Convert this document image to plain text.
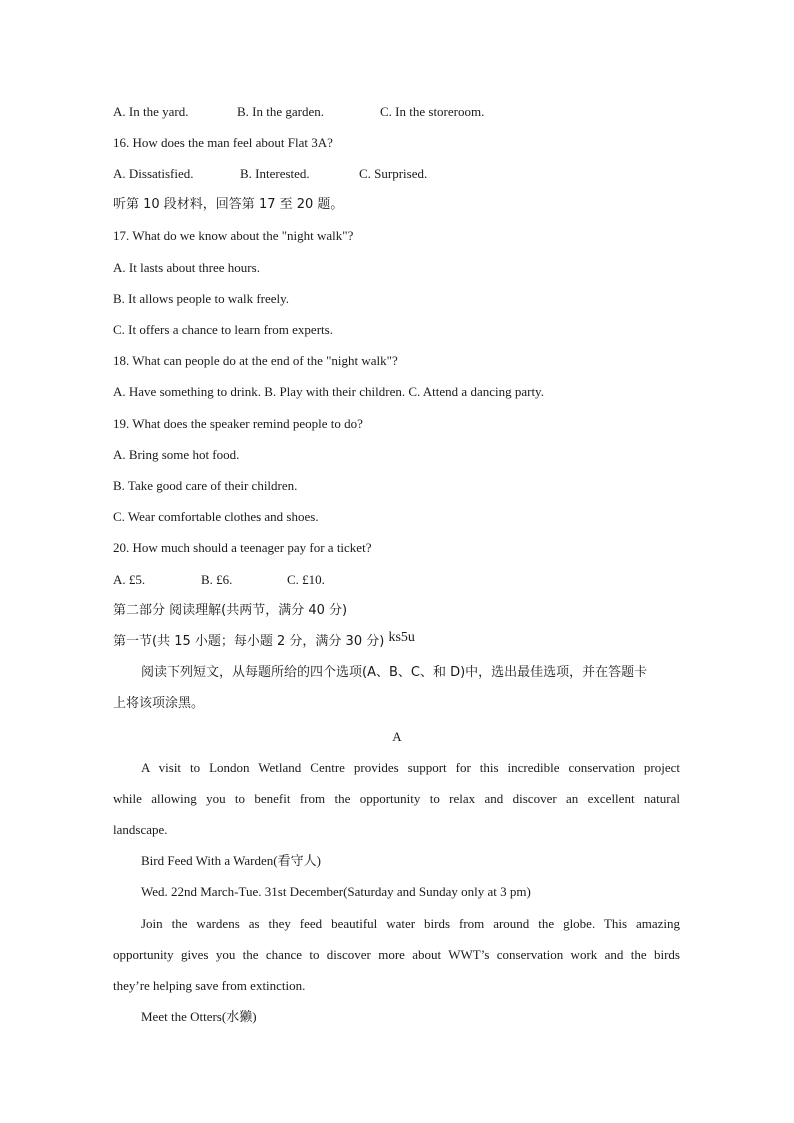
A. In the yard.	B. In the garden.	C. In the storeroom.
16. How does the man feel about Flat 3A?
A. Dissatisfied.	B. Interested.	C. Surprised.
听第 10 段材料，回答第 17 至 20 题。
17. What do we know about the "night walk"?
A. It lasts about three hours.
B. It allows people to walk freely.
C. It offers a chance to learn from experts.
18. What can people do at the end of the "night walk"?
A. Have something to drink. B. Play with their children. C. Attend a dancing party.
19. What does the speaker remind people to do?
A. Bring some hot food.
B. Take good care of their children.
C. Wear comfortable clothes and shoes.
20. How much should a teenager pay for a ticket?
A. £5.	B. £6.	C. £10.
第二部分 阅读理解(共两节，满分 40 分)
第一节(共 15 小题；每小题 2 分，满分 30 分) ks5u
阅读下列短文，从每题所给的四个选项(A、B、C、和 D)中，选出最佳选项，并在答题卡
上将该项涂黑。
A
A visit to London Wetland Centre provides support for this incredible conservation project
while allowing you to benefit from the opportunity to relax and discover an excellent natural
landscape.
Bird Feed With a Warden(看守人)
Wed. 22nd March-Tue. 31st December(Saturday and Sunday only at 3 pm)
Join the wardens as they feed beautiful water birds from around the globe. This amazing
opportunity gives you the chance to discover more about WWT’s conservation work and the birds
they’re helping save from extinction.
Meet the Otters(水獭)
